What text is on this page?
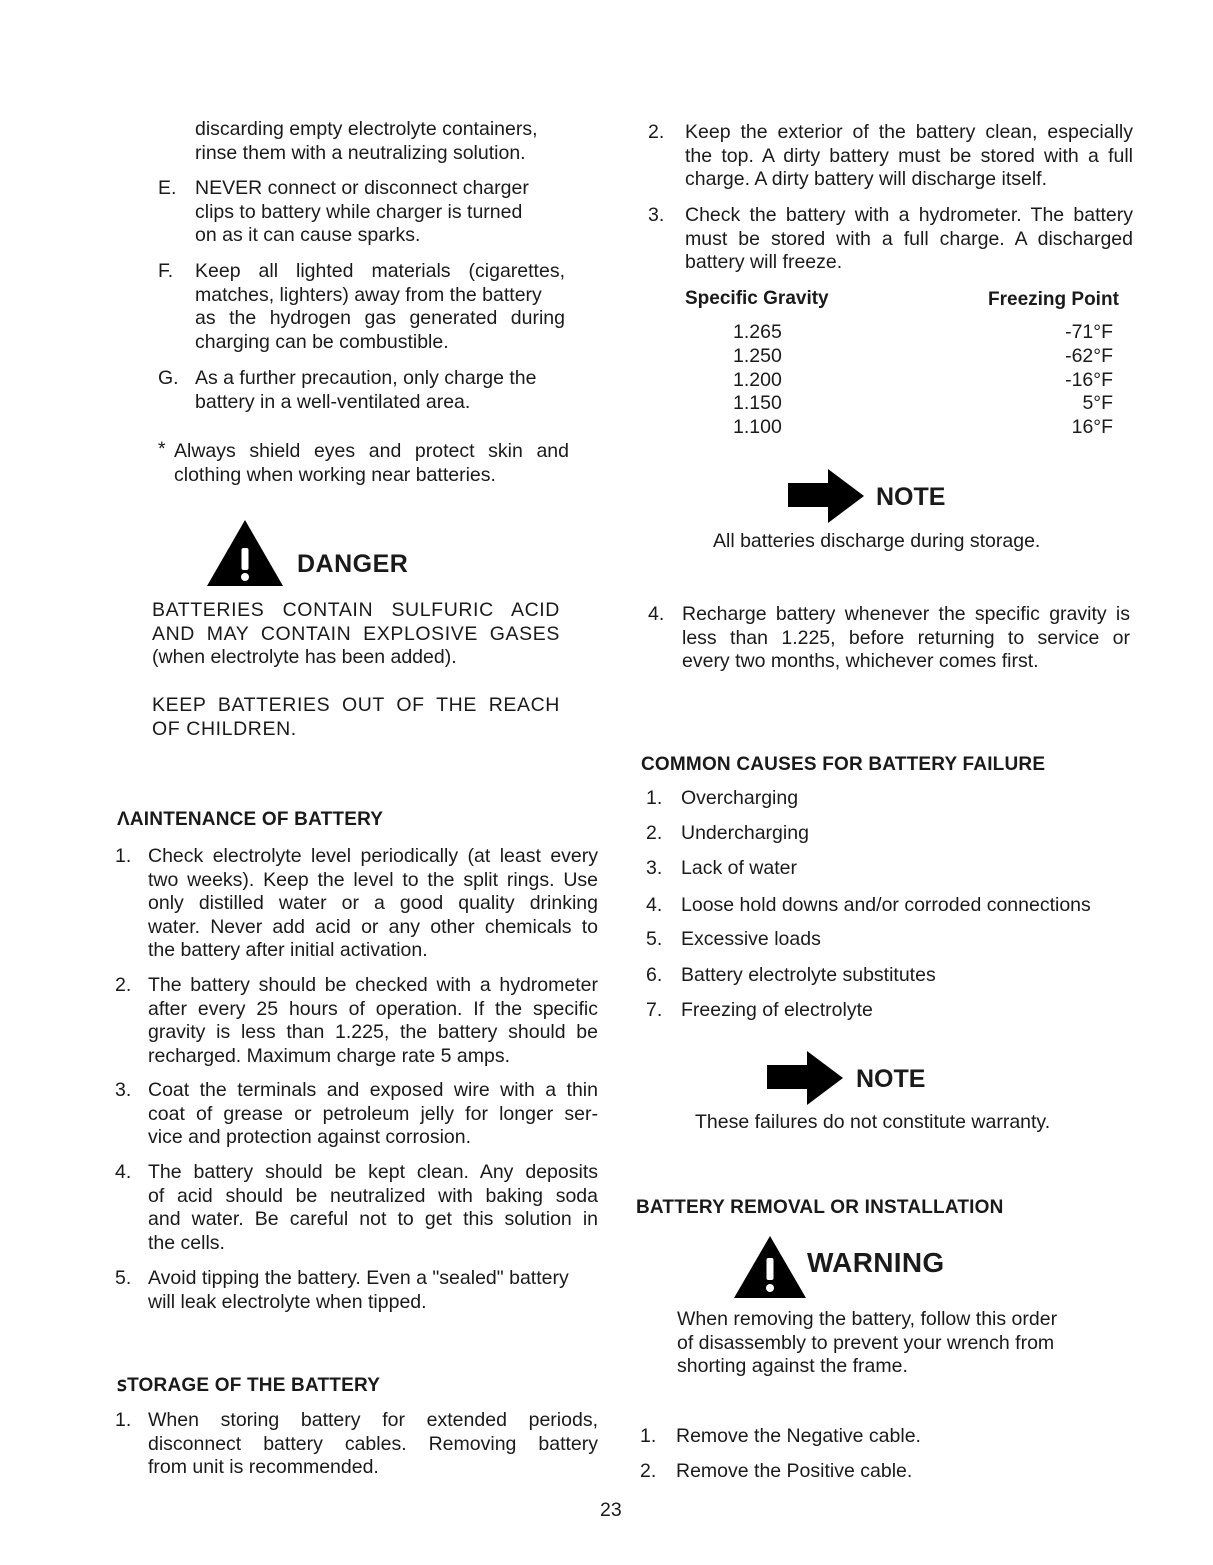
discarding empty electrolyte containers,
rinse them with a neutralizing solution.
E. NEVER connect or disconnect charger
clips to battery while charger is turned
on as it can cause sparks.
F. Keep all lighted materials (cigarettes,
matches, lighters) away from the battery
as the hydrogen gas generated during
charging can be combustible.
G. As a further precaution, only charge the
battery in a well-ventilated area.
* Always shield eyes and protect skin and
clothing when working near batteries.
DANGER
BATTERIES CONTAIN SULFURIC ACID
AND MAY CONTAIN EXPLOSIVE GASES
(when electrolyte has been added).
KEEP BATTERIES OUT OF THE REACH
OF CHILDREN.
ɅAINTENANCE OF BATTERY
1. Check electrolyte level periodically (at least every
two weeks). Keep the level to the split rings. Use
only distilled water or a good quality drinking
water. Never add acid or any other chemicals to
the battery after initial activation.
2. The battery should be checked with a hydrometer
after every 25 hours of operation. If the specific
gravity is less than 1.225, the battery should be
recharged. Maximum charge rate 5 amps.
3. Coat the terminals and exposed wire with a thin
coat of grease or petroleum jelly for longer ser-
vice and protection against corrosion.
4. The battery should be kept clean. Any deposits
of acid should be neutralized with baking soda
and water. Be careful not to get this solution in
the cells.
5. Avoid tipping the battery. Even a "sealed" battery
will leak electrolyte when tipped.
ꜱTORAGE OF THE BATTERY
1. When storing battery for extended periods,
disconnect battery cables. Removing battery
from unit is recommended.
2. Keep the exterior of the battery clean, especially
the top. A dirty battery must be stored with a full
charge. A dirty battery will discharge itself.
3. Check the battery with a hydrometer. The battery
must be stored with a full charge. A discharged
battery will freeze.
Specific Gravity	Freezing Point
1.265	-71°F
1.250	-62°F
1.200	-16°F
1.150	5°F
1.100	16°F
NOTE
All batteries discharge during storage.
4. Recharge battery whenever the specific gravity is
less than 1.225, before returning to service or
every two months, whichever comes first.
COMMON CAUSES FOR BATTERY FAILURE
1. Overcharging
2. Undercharging
3. Lack of water
4. Loose hold downs and/or corroded connections
5. Excessive loads
6. Battery electrolyte substitutes
7. Freezing of electrolyte
NOTE
These failures do not constitute warranty.
BATTERY REMOVAL OR INSTALLATION
WARNING
When removing the battery, follow this order
of disassembly to prevent your wrench from
shorting against the frame.
1. Remove the Negative cable.
2. Remove the Positive cable.
23
